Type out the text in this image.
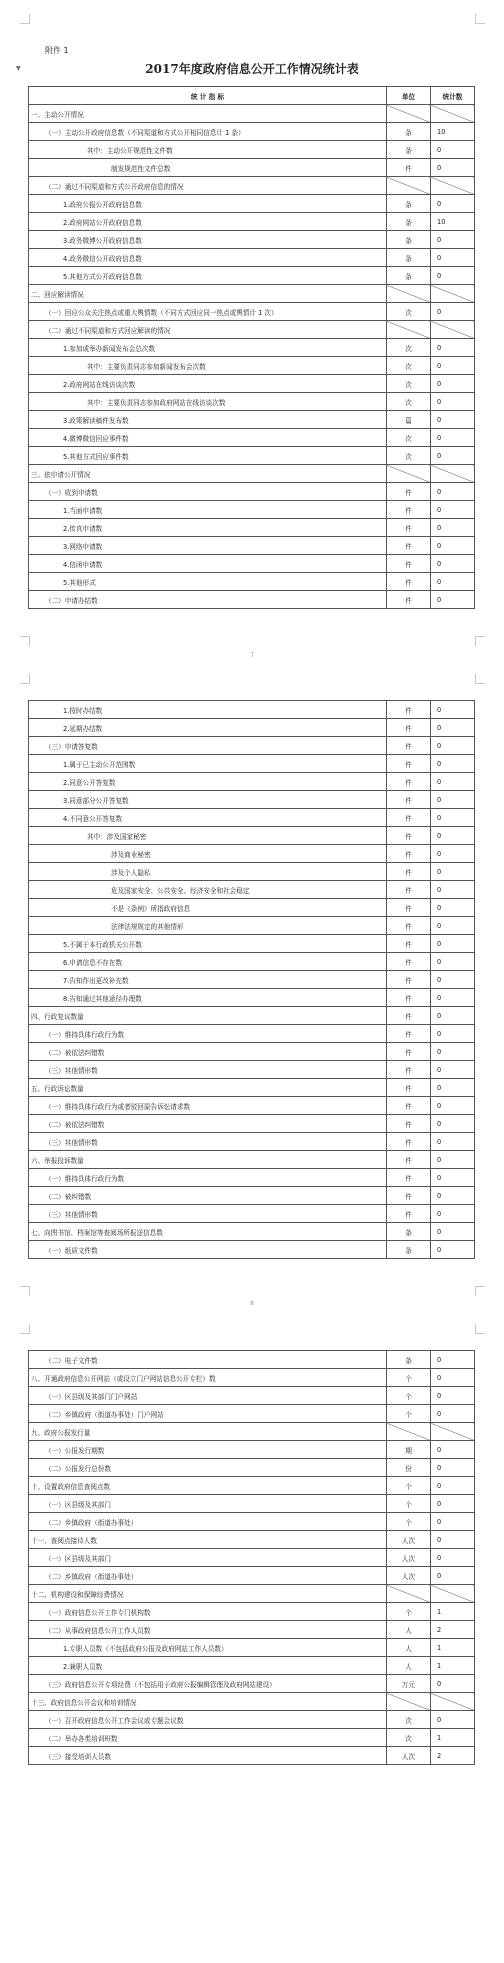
附件 1
▼	2017年度政府信息公开工作情况统计表
统 计 指 标	单位	统计数
一、主动公开情况		
（一）主动公开政府信息数（不同渠道和方式公开相同信息计 1 条）	条	10
其中：主动公开规范性文件数	条	0
制发规范性文件总数	件	0
（二）通过不同渠道和方式公开政府信息的情况		
1.政府公报公开政府信息数	条	0
2.政府网站公开政府信息数	条	10
3.政务微博公开政府信息数	条	0
4.政务微信公开政府信息数	条	0
5.其他方式公开政府信息数	条	0
二、回应解读情况		
（一）回应公众关注热点或重大舆情数（不同方式回应同一热点或舆情计 1 次）	次	0
（二）通过不同渠道和方式回应解读的情况		
1.参加或举办新闻发布会总次数	次	0
其中：主要负责同志参加新闻发布会次数	次	0
2.政府网站在线访谈次数	次	0
其中：主要负责同志参加政府网站在线访谈次数	次	0
3.政策解读稿件发布数	篇	0
4.微博微信回应事件数	次	0
5.其他方式回应事件数	次	0
三、依申请公开情况		
（一）收到申请数	件	0
1.当面申请数	件	0
2.传真申请数	件	0
3.网络申请数	件	0
4.信函申请数	件	0
5.其他形式	件	0
（二）申请办结数	件	0
7
1.按时办结数	件	0
2.延期办结数	件	0
（三）申请答复数	件	0
1.属于已主动公开范围数	件	0
2.同意公开答复数	件	0
3.同意部分公开答复数	件	0
4.不同意公开答复数	件	0
其中：涉及国家秘密	件	0
涉及商业秘密	件	0
涉及个人隐私	件	0
危及国家安全、公共安全、经济安全和社会稳定	件	0
不是《条例》所指政府信息	件	0
法律法规规定的其他情形	件	0
5.不属于本行政机关公开数	件	0
6.申请信息不存在数	件	0
7.告知作出更改补充数	件	0
8.告知通过其他途径办理数	件	0
四、行政复议数量	件	0
（一）维持具体行政行为数	件	0
（二）被依法纠错数	件	0
（三）其他情形数	件	0
五、行政诉讼数量	件	0
（一）维持具体行政行为或者驳回原告诉讼请求数	件	0
（二）被依法纠错数	件	0
（三）其他情形数	件	0
六、举报投诉数量	件	0
（一）维持具体行政行为数	件	0
（二）被纠错数	件	0
（三）其他情形数	件	0
七、向图书馆、档案馆等查阅场所报送信息数	条	0
（一）纸质文件数	条	0
8
（二）电子文件数	条	0
八、开通政府信息公开网站（或设立门户网站信息公开专栏）数	个	0
（一）区县级及其部门门户网站	个	0
（二）乡镇政府（街道办事处）门户网站	个	0
九、政府公报发行量		
（一）公报发行期数	期	0
（二）公报发行总份数	份	0
十、设置政府信息查阅点数	个	0
（一）区县级及其部门	个	0
（二）乡镇政府（街道办事处）	个	0
十一、查阅点接待人数	人次	0
（一）区县级及其部门	人次	0
（二）乡镇政府（街道办事处）	人次	0
十二、机构建设和保障经费情况		
（一）政府信息公开工作专门机构数	个	1
（二）从事政府信息公开工作人员数	人	2
1.专职人员数（不包括政府公报及政府网站工作人员数）	人	1
2.兼职人员数	人	1
（三）政府信息公开专项经费（不包括用于政府公报编辑管理及政府网站建设）	万元	0
十三、政府信息公开会议和培训情况		
（一）召开政府信息公开工作会议或专题会议数	次	0
（二）举办各类培训班数	次	1
（三）接受培训人员数	人次	2
